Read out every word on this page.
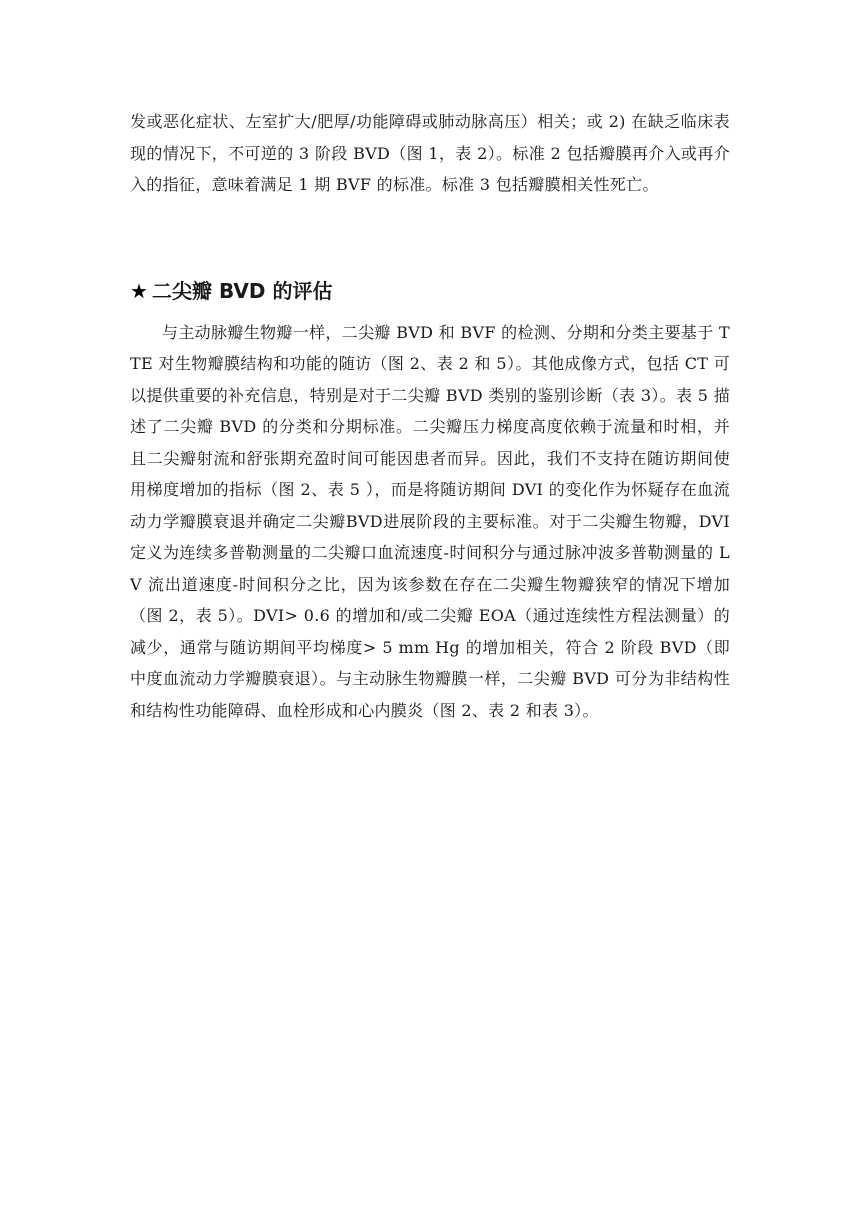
发或恶化症状、左室扩大/肥厚/功能障碍或肺动脉高压）相关；或 2) 在缺乏临床表现的情况下，不可逆的 3 阶段 BVD（图 1，表 2）。标准 2 包括瓣膜再介入或再介入的指征，意味着满足 1 期 BVF 的标准。标准 3 包括瓣膜相关性死亡。

★ 二尖瓣 BVD 的评估

与主动脉瓣生物瓣一样，二尖瓣 BVD 和 BVF 的检测、分期和分类主要基于 TTE 对生物瓣膜结构和功能的随访（图 2、表 2 和 5）。其他成像方式，包括 CT 可以提供重要的补充信息，特别是对于二尖瓣 BVD 类别的鉴别诊断（表 3）。表 5 描述了二尖瓣 BVD 的分类和分期标准。二尖瓣压力梯度高度依赖于流量和时相，并且二尖瓣射流和舒张期充盈时间可能因患者而异。因此，我们不支持在随访期间使用梯度增加的指标（图 2、表 5 ），而是将随访期间 DVI 的变化作为怀疑存在血流动力学瓣膜衰退并确定二尖瓣BVD进展阶段的主要标准。对于二尖瓣生物瓣，DVI 定义为连续多普勒测量的二尖瓣口血流速度-时间积分与通过脉冲波多普勒测量的 LV 流出道速度-时间积分之比，因为该参数在存在二尖瓣生物瓣狭窄的情况下增加（图 2，表 5）。DVI> 0.6 的增加和/或二尖瓣 EOA（通过连续性方程法测量）的减少，通常与随访期间平均梯度> 5 mm Hg 的增加相关，符合 2 阶段 BVD（即中度血流动力学瓣膜衰退）。与主动脉生物瓣膜一样，二尖瓣 BVD 可分为非结构性和结构性功能障碍、血栓形成和心内膜炎（图 2、表 2 和表 3）。
